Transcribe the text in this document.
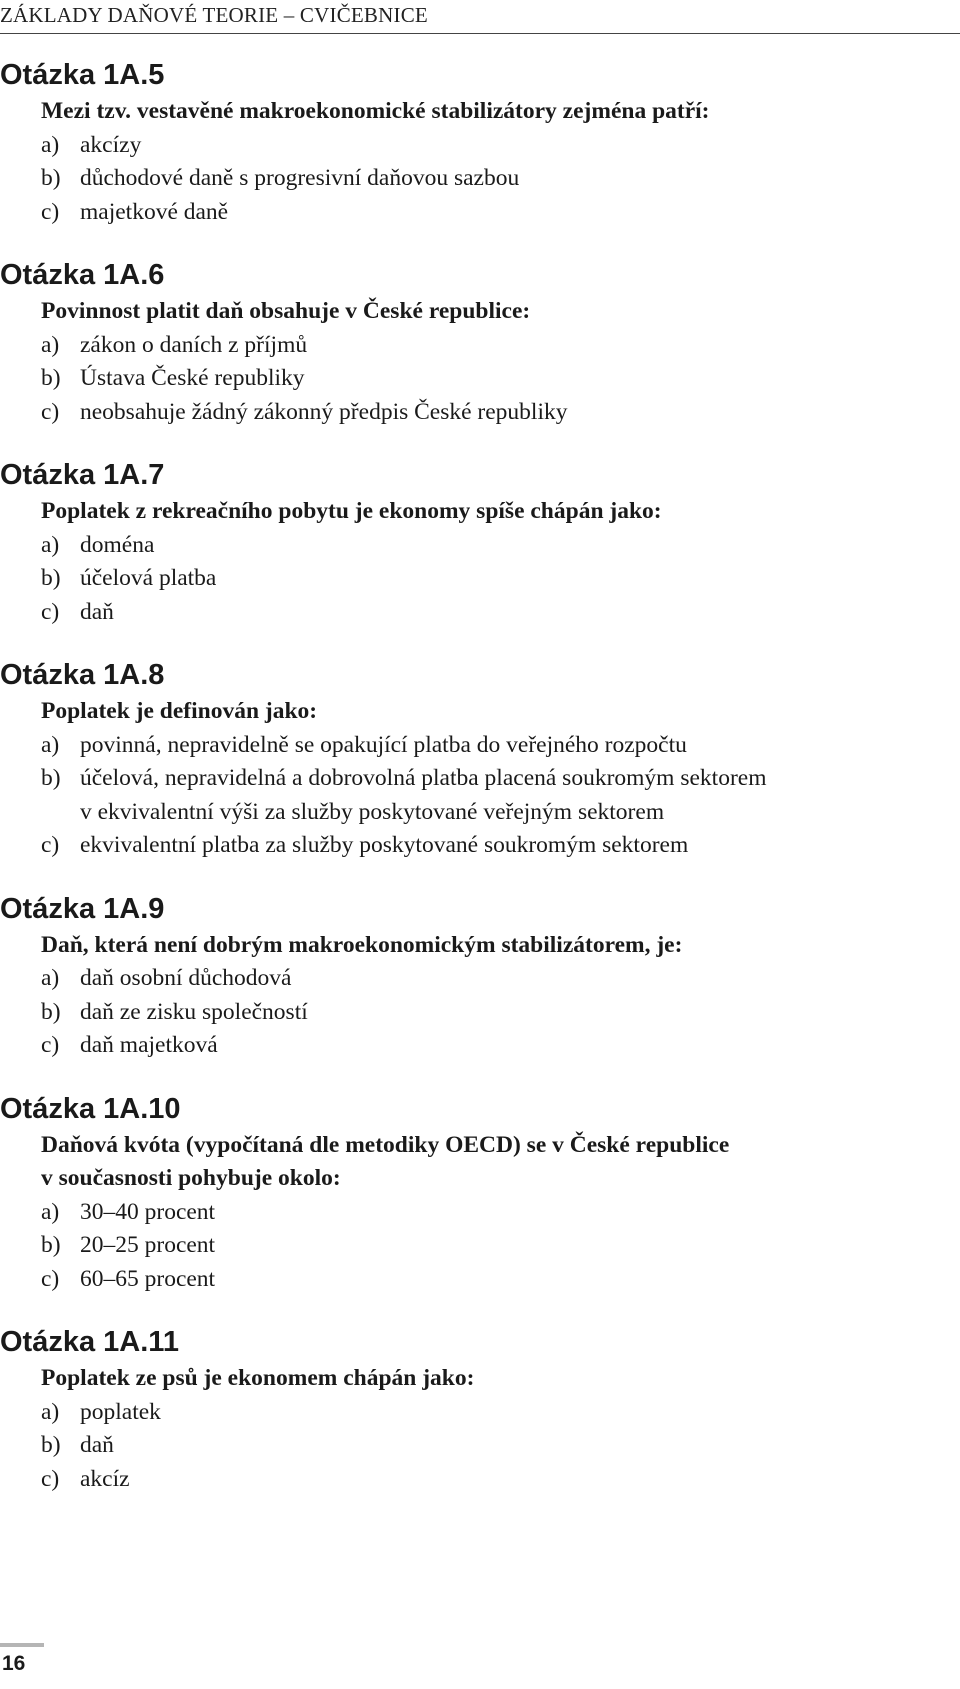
ZÁKLADY DAŇOVÉ TEORIE – CVIČEBNICE
Otázka 1A.5
Mezi tzv. vestavěné makroekonomické stabilizátory zejména patří:
a) akcízy
b) důchodové daně s progresivní daňovou sazbou
c) majetkové daně
Otázka 1A.6
Povinnost platit daň obsahuje v České republice:
a) zákon o daních z příjmů
b) Ústava České republiky
c) neobsahuje žádný zákonný předpis České republiky
Otázka 1A.7
Poplatek z rekreačního pobytu je ekonomy spíše chápán jako:
a) doména
b) účelová platba
c) daň
Otázka 1A.8
Poplatek je definován jako:
a) povinná, nepravidelně se opakující platba do veřejného rozpočtu
b) účelová, nepravidelná a dobrovolná platba placená soukromým sektorem
v ekvivalentní výši za služby poskytované veřejným sektorem
c) ekvivalentní platba za služby poskytované soukromým sektorem
Otázka 1A.9
Daň, která není dobrým makroekonomickým stabilizátorem, je:
a) daň osobní důchodová
b) daň ze zisku společností
c) daň majetková
Otázka 1A.10
Daňová kvóta (vypočítaná dle metodiky OECD) se v České republice
v současnosti pohybuje okolo:
a) 30–40 procent
b) 20–25 procent
c) 60–65 procent
Otázka 1A.11
Poplatek ze psů je ekonomem chápán jako:
a) poplatek
b) daň
c) akcíz
16
